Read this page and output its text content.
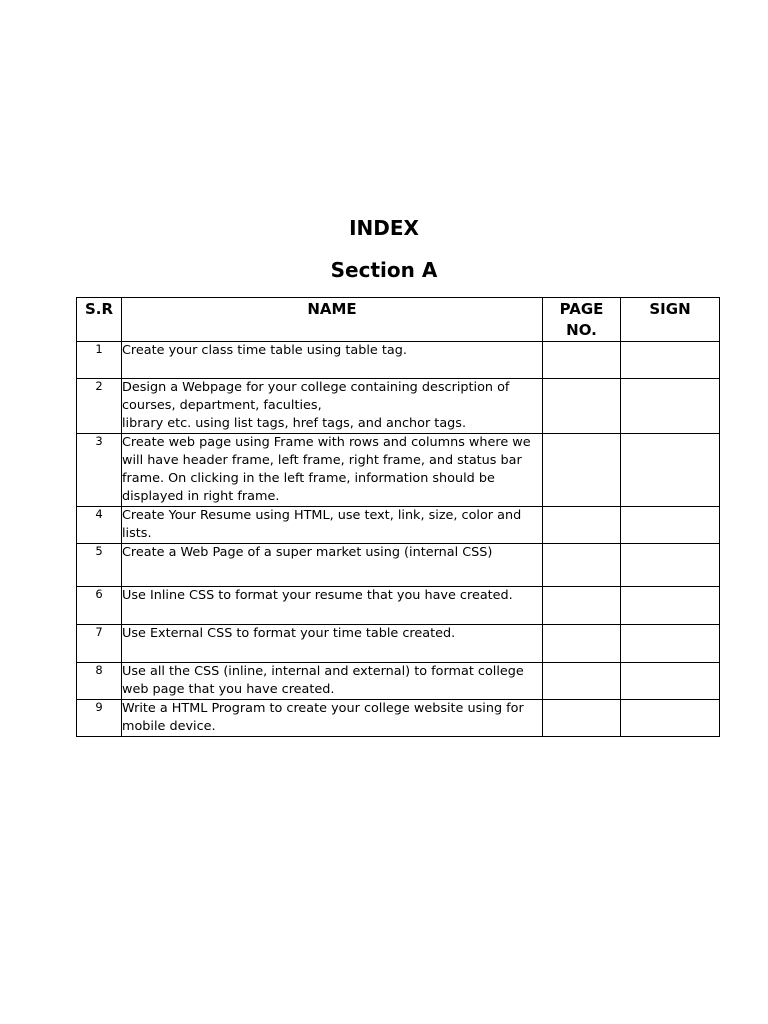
INDEX
Section A
S.R	NAME	PAGE NO.	SIGN
1	Create your class time table using table tag.		
2	Design a Webpage for your college containing description of courses, department, faculties,
library etc. using list tags, href tags, and anchor tags.		
3	Create web page using Frame with rows and columns where we will have header frame, left frame, right frame, and status bar frame. On clicking in the left frame, information should be displayed in right frame.		
4	Create Your Resume using HTML, use text, link, size, color and lists.		
5	Create a Web Page of a super market using (internal CSS)		
6	Use Inline CSS to format your resume that you have created.		
7	Use External CSS to format your time table created.		
8	Use all the CSS (inline, internal and external) to format college web page that you have created.		
9	Write a HTML Program to create your college website using for mobile device.		
